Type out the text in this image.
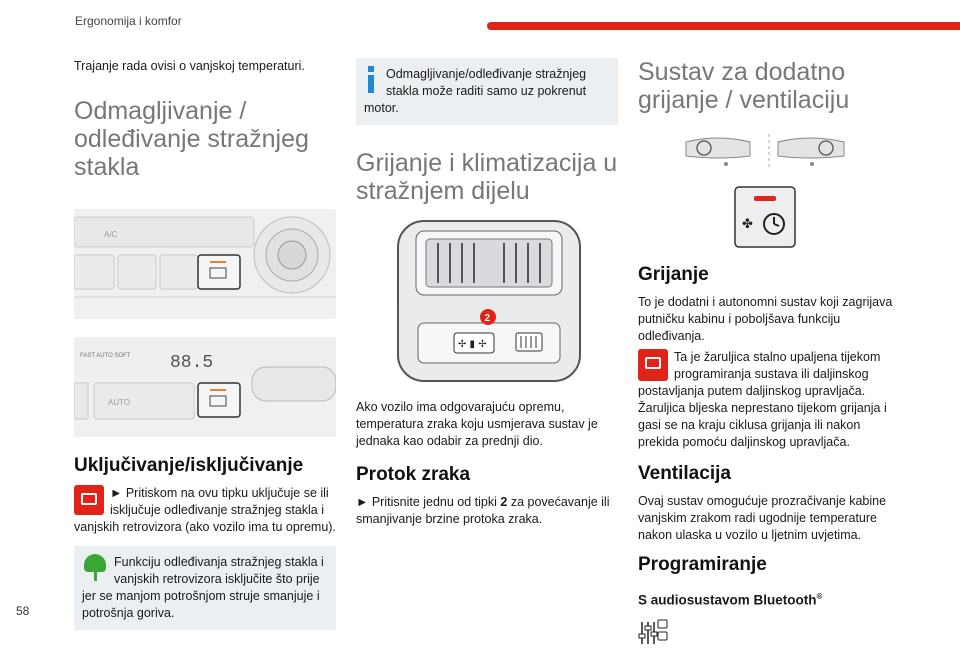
Ergonomija i komfor
58

Trajanje rada ovisi o vanjskoj temperaturi.

Odmagljivanje / odleđivanje stražnjeg stakla
A/C
FAST AUTO SOFT 88.5
AUTO
Uključivanje/isključivanje

► Pritiskom na ovu tipku uključuje se ili isključuje odleđivanje stražnjeg stakla i vanjskih retrovizora (ako vozilo ima tu opremu).

Funkciju odleđivanja stražnjeg stakla i vanjskih retrovizora isključite što prije jer se manjom potrošnjom struje smanjuje i potrošnja goriva.
Odmagljivanje/odleđivanje stražnjeg stakla može raditi samo uz pokrenut motor.
Grijanje i klimatizacija u stražnjem dijelu
✢ ▮ ✢
2

Ako vozilo ima odgovarajuću opremu, temperatura zraka koju usmjerava sustav je jednaka kao odabir za prednji dio.

Protok zraka

► Pritisnite jednu od tipki 2 za povećavanje ili smanjivanje brzine protoka zraka.

Sustav za dodatno grijanje / ventilaciju
✤
Grijanje

To je dodatni i autonomni sustav koji zagrijava putničku kabinu i poboljšava funkciju odleđivanja.

Ta je žaruljica stalno upaljena tijekom programiranja sustava ili daljinskog postavljanja putem daljinskog upravljača. Žaruljica bljeska neprestano tijekom grijanja i gasi se na kraju ciklusa grijanja ili nakon prekida pomoću daljinskog upravljača.

Ventilacija

Ovaj sustav omogućuje prozračivanje kabine vanjskim zrakom radi ugodnije temperature nakon ulaska u vozilo u ljetnim uvjetima.

Programiranje
S audiosustavom Bluetooth®
